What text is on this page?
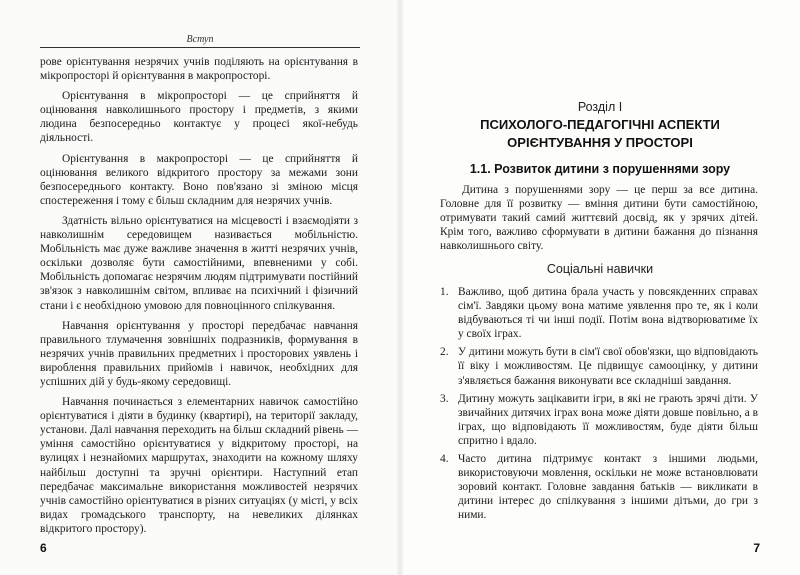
Вступ

рове орієнтування незрячих учнів поділяють на орієнтування в мікропросторі й орієнтування в макропросторі.

Орієнтування в мікропросторі — це сприйняття й оцінювання навколишнього простору і предметів, з якими людина безпосередньо контактує у процесі якої-небудь діяльності.

Орієнтування в макропросторі — це сприйняття й оцінювання великого відкритого простору за межами зони безпосереднього контакту. Воно пов'язано зі зміною місця спостереження і тому є більш складним для незрячих учнів.

Здатність вільно орієнтуватися на місцевості і взаємодіяти з навколишнім середовищем називається мобільністю. Мобільність має дуже важливе значення в житті незрячих учнів, оскільки дозволяє бути самостійними, впевненими у собі. Мобільність допомагає незрячим людям підтримувати постійний зв'язок з навколишнім світом, впливає на психічний і фізичний стани і є необхідною умовою для повноцінного спілкування.

Навчання орієнтування у просторі передбачає навчання правильного тлумачення зовнішніх подразників, формування в незрячих учнів правильних предметних і просторових уявлень і вироблення правильних прийомів і навичок, необхідних для успішних дій у будь-якому середовищі.

Навчання починається з елементарних навичок самостійно орієнтуватися і діяти в будинку (квартирі), на території закладу, установи. Далі навчання переходить на більш складний рівень — уміння самостійно орієнтуватися у відкритому просторі, на вулицях і незнайомих маршрутах, знаходити на кожному шляху найбільш доступні та зручні орієнтири. Наступний етап передбачає максимальне використання можливостей незрячих учнів самостійно орієнтуватися в різних ситуаціях (у місті, у всіх видах громадського транспорту, на невеликих ділянках відкритого простору).

6
Розділ І
ПСИХОЛОГО-ПЕДАГОГІЧНІ АСПЕКТИ
ОРІЄНТУВАННЯ У ПРОСТОРІ
1.1. Розвиток дитини з порушеннями зору

Дитина з порушеннями зору — це перш за все дитина. Головне для її розвитку — вміння дитини бути самостійною, отримувати такий самий життєвий досвід, як у зрячих дітей. Крім того, важливо сформувати в дитини бажання до пізнання навколишнього світу.

Соціальні навички
1. Важливо, щоб дитина брала участь у повсякденних справах сім'ї. Завдяки цьому вона матиме уявлення про те, як і коли відбуваються ті чи інші події. Потім вона відтворюватиме їх у своїх іграх.
2. У дитини можуть бути в сім'ї свої обов'язки, що відповідають її віку і можливостям. Це підвищує самооцінку, у дитини з'являється бажання виконувати все складніші завдання.
3. Дитину можуть зацікавити ігри, в які не грають зрячі діти. У звичайних дитячих іграх вона може діяти довше повільно, а в іграх, що відповідають її можливостям, буде діяти більш спритно і вдало.
4. Часто дитина підтримує контакт з іншими людьми, використовуючи мовлення, оскільки не може встановлювати зоровий контакт. Головне завдання батьків — викликати в дитини інтерес до спілкування з іншими дітьми, до гри з ними.
7
